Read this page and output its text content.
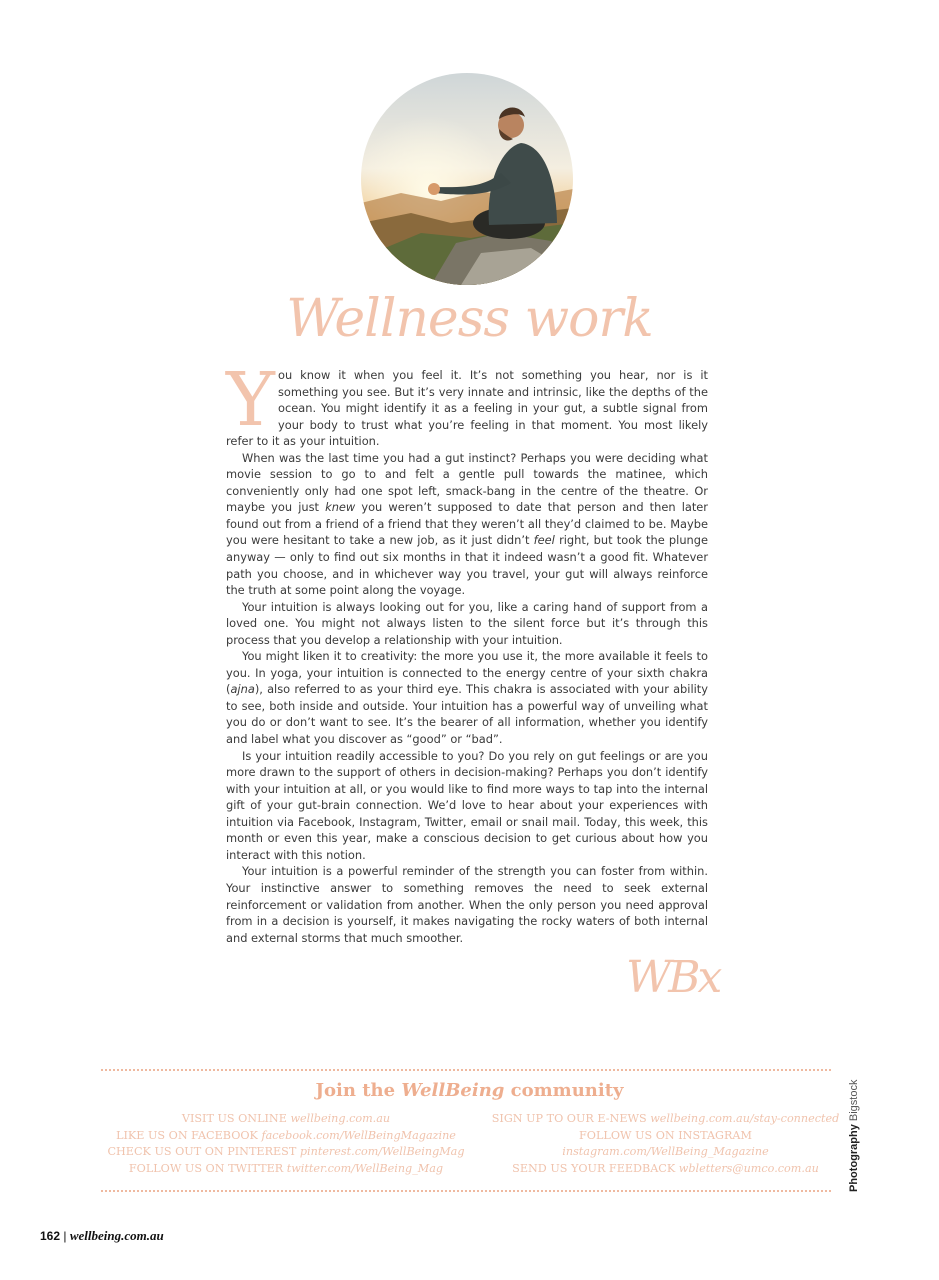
Wellness work

You know it when you feel it. It’s not something you hear, nor is it something you see. But it’s very innate and intrinsic, like the depths of the ocean. You might identify it as a feeling in your gut, a subtle signal from your body to trust what you’re feeling in that moment. You most likely refer to it as your intuition.

When was the last time you had a gut instinct? Perhaps you were deciding what movie session to go to and felt a gentle pull towards the matinee, which conveniently only had one spot left, smack-bang in the centre of the theatre. Or maybe you just knew you weren’t supposed to date that person and then later found out from a friend of a friend that they weren’t all they’d claimed to be. Maybe you were hesitant to take a new job, as it just didn’t feel right, but took the plunge anyway — only to find out six months in that it indeed wasn’t a good fit. Whatever path you choose, and in whichever way you travel, your gut will always reinforce the truth at some point along the voyage.

Your intuition is always looking out for you, like a caring hand of support from a loved one. You might not always listen to the silent force but it’s through this process that you develop a relationship with your intuition.

You might liken it to creativity: the more you use it, the more available it feels to you. In yoga, your intuition is connected to the energy centre of your sixth chakra (ajna), also referred to as your third eye. This chakra is associated with your ability to see, both inside and outside. Your intuition has a powerful way of unveiling what you do or don’t want to see. It’s the bearer of all information, whether you identify and label what you discover as “good” or “bad”.

Is your intuition readily accessible to you? Do you rely on gut feelings or are you more drawn to the support of others in decision-making? Perhaps you don’t identify with your intuition at all, or you would like to find more ways to tap into the internal gift of your gut-brain connection. We’d love to hear about your experiences with intuition via Facebook, Instagram, Twitter, email or snail mail. Today, this week, this month or even this year, make a conscious decision to get curious about how you interact with this notion.

Your intuition is a powerful reminder of the strength you can foster from within. Your instinctive answer to something removes the need to seek external reinforcement or validation from another. When the only person you need approval from in a decision is yourself, it makes navigating the rocky waters of both internal and external storms that much smoother.

WBx
Join the WellBeing community
VISIT US ONLINE wellbeing.com.au
LIKE US ON FACEBOOK facebook.com/WellBeingMagazine
CHECK US OUT ON PINTEREST pinterest.com/WellBeingMag
FOLLOW US ON TWITTER twitter.com/WellBeing_Mag
SIGN UP TO OUR E-NEWS wellbeing.com.au/stay-connected
FOLLOW US ON INSTAGRAM
instagram.com/WellBeing_Magazine
SEND US YOUR FEEDBACK wbletters@umco.com.au	Photography Bigstock
162 | wellbeing.com.au
